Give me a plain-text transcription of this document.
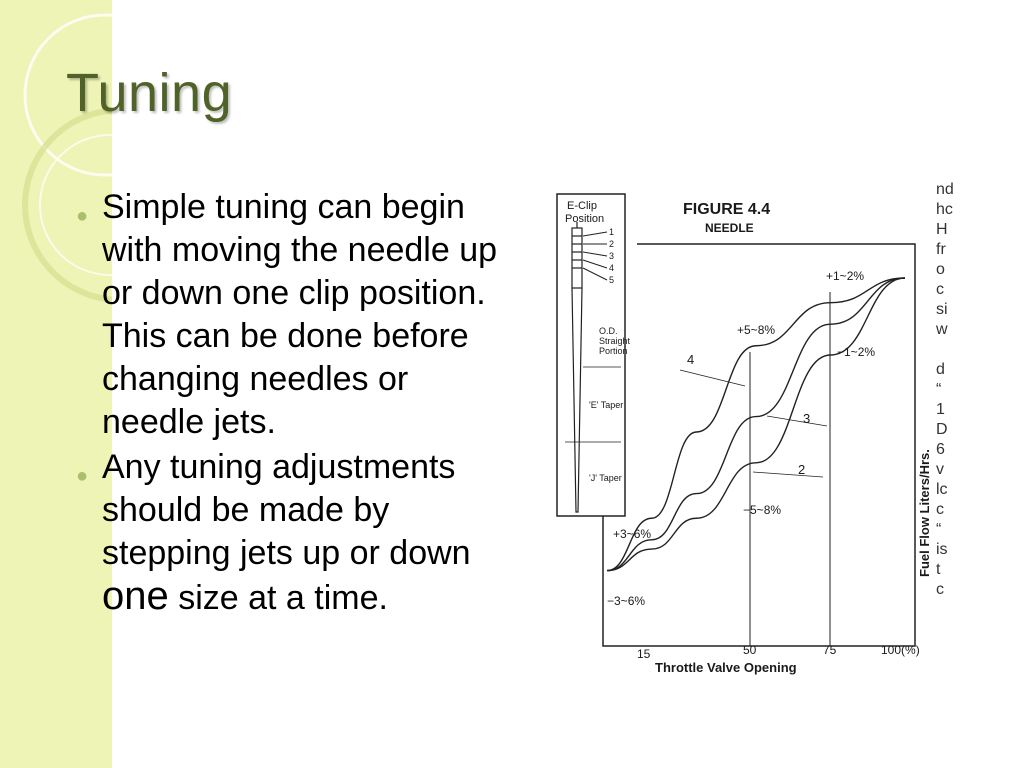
Tuning
● Simple tuning can begin with moving the needle up or down one clip position. This can be done before changing needles or needle jets.
● Any tuning adjustments should be made by stepping jets up or down one size at a time.
E-Clip
Position
1
2
3
4
5
O.D.
Straight
Portion
'E' Taper
'J' Taper
FIGURE 4.4
NEEDLE
4
3
2
+1~2%
+5~8%
−1~2%
−5~8%
+3~6%
−3~6%
15	50	75	100(%)
Throttle Valve Opening
Fuel Flow Liters/Hrs.
nd
hc
H
fr
o
c
si
w
d
“
1
D
6
v
lc
c
“
is
t
c
